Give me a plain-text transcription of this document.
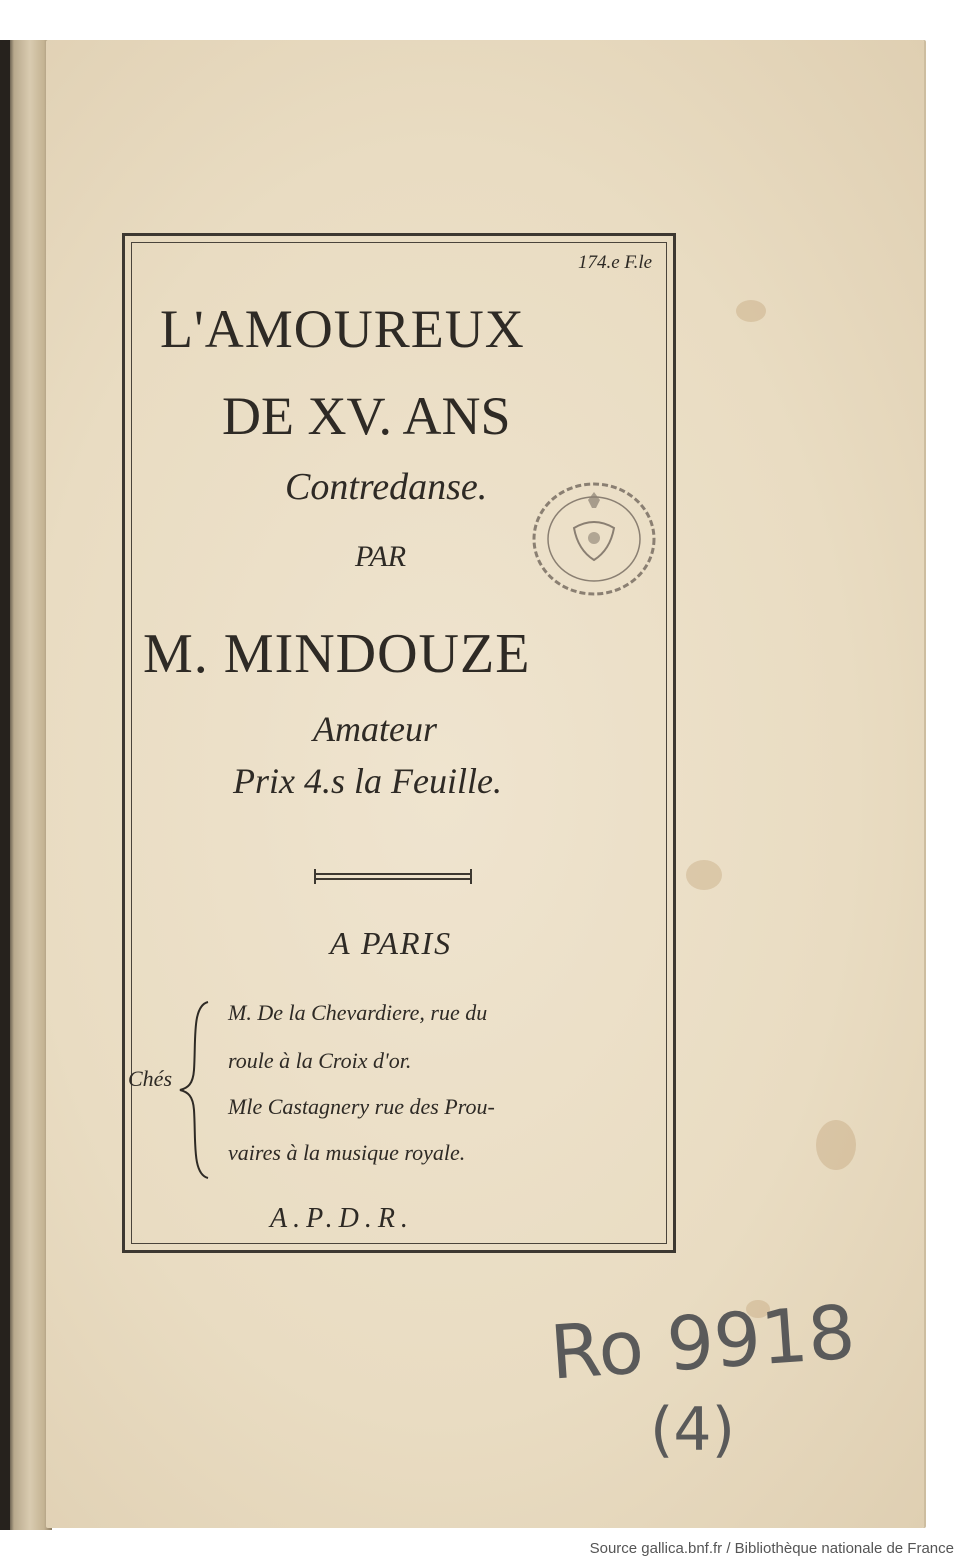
174.e F.le
L'AMOUREUX
DE XV. ANS
Contredanse.
PAR
M. MINDOUZE
Amateur
Prix 4.s la Feuille.
A PARIS
Chés
M. De la Chevardiere, rue du
roule à la Croix d'or.
Mle Castagnery rue des Prou-
vaires à la musique royale.
A.P.D.R.
Ro 9918
(4)
Source gallica.bnf.fr / Bibliothèque nationale de France
